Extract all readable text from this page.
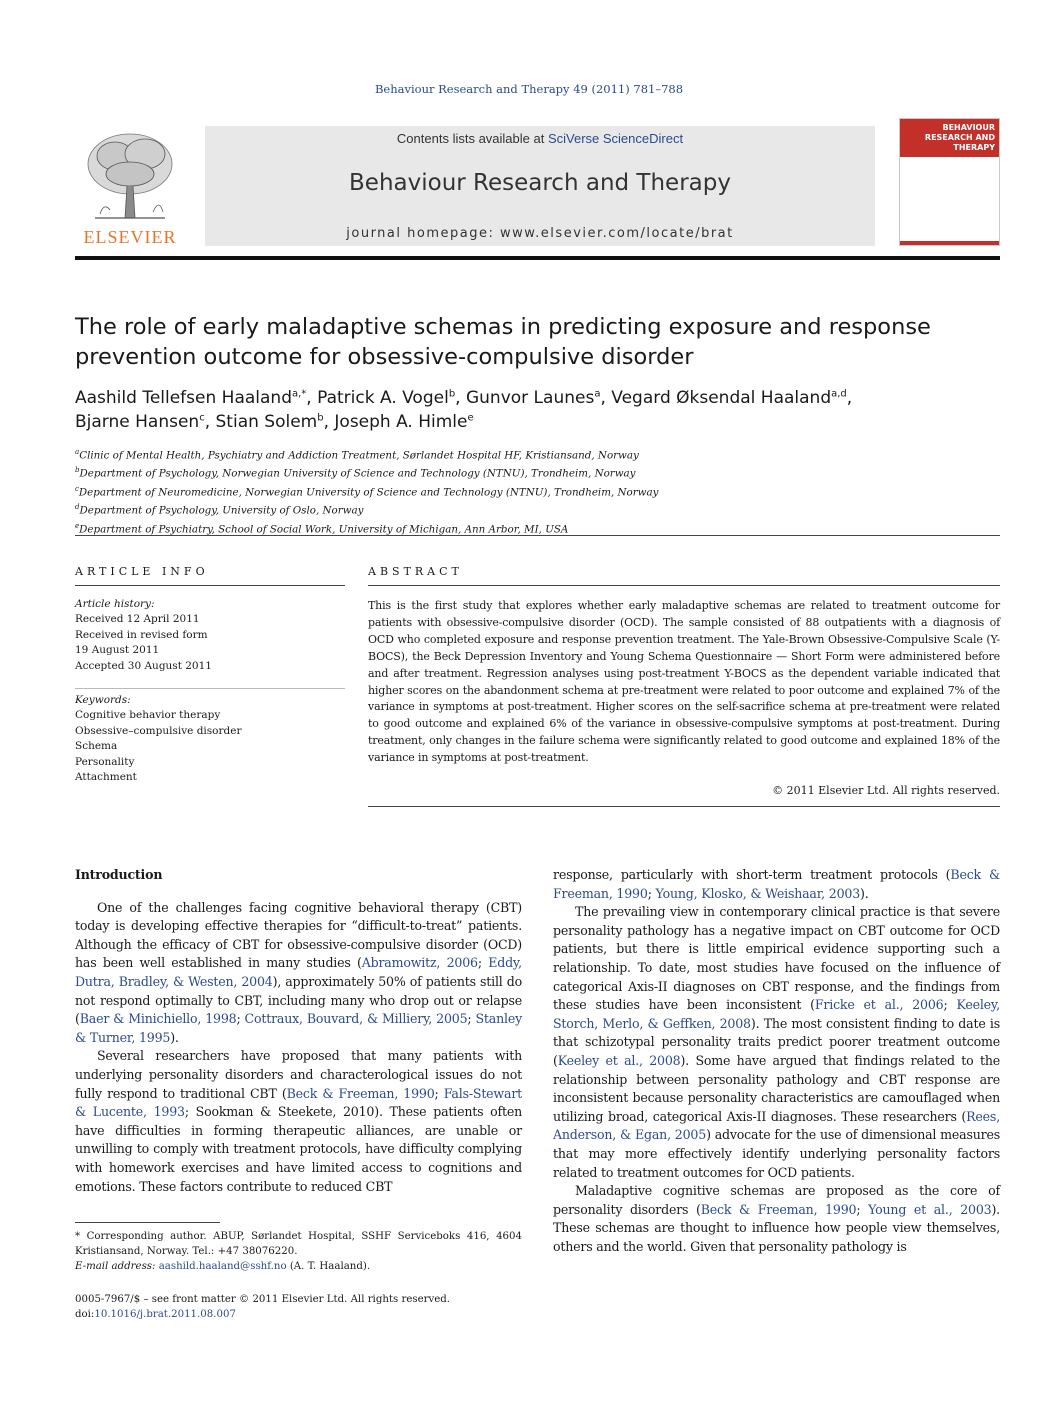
Behaviour Research and Therapy 49 (2011) 781–788
ELSEVIER
Contents lists available at SciVerse ScienceDirect
Behaviour Research and Therapy
journal homepage: www.elsevier.com/locate/brat
BEHAVIOUR
RESEARCH AND
THERAPY
The role of early maladaptive schemas in predicting exposure and response
prevention outcome for obsessive-compulsive disorder
Aashild Tellefsen Haaland$^{a,*}$, Patrick A. Vogel$^b$, Gunvor Launes$^a$, Vegard Øksendal Haaland$^{a,d}$,
Bjarne Hansen$^c$, Stian Solem$^b$, Joseph A. Himle$^e$
$^a$Clinic of Mental Health, Psychiatry and Addiction Treatment, Sørlandet Hospital HF, Kristiansand, Norway
$^b$Department of Psychology, Norwegian University of Science and Technology (NTNU), Trondheim, Norway
$^c$Department of Neuromedicine, Norwegian University of Science and Technology (NTNU), Trondheim, Norway
$^d$Department of Psychology, University of Oslo, Norway
$^e$Department of Psychiatry, School of Social Work, University of Michigan, Ann Arbor, MI, USA
ARTICLE INFO
Article history:
Received 12 April 2011
Received in revised form
19 August 2011
Accepted 30 August 2011
Keywords:
Cognitive behavior therapy
Obsessive–compulsive disorder
Schema
Personality
Attachment
ABSTRACT
This is the first study that explores whether early maladaptive schemas are related to treatment outcome for patients with obsessive-compulsive disorder (OCD). The sample consisted of 88 outpatients with a diagnosis of OCD who completed exposure and response prevention treatment. The Yale-Brown Obsessive-Compulsive Scale (Y-BOCS), the Beck Depression Inventory and Young Schema Questionnaire — Short Form were administered before and after treatment. Regression analyses using post-treatment Y-BOCS as the dependent variable indicated that higher scores on the abandonment schema at pre-treatment were related to poor outcome and explained 7% of the variance in symptoms at post-treatment. Higher scores on the self-sacrifice schema at pre-treatment were related to good outcome and explained 6% of the variance in obsessive-compulsive symptoms at post-treatment. During treatment, only changes in the failure schema were significantly related to good outcome and explained 18% of the variance in symptoms at post-treatment.
© 2011 Elsevier Ltd. All rights reserved.

Introduction

One of the challenges facing cognitive behavioral therapy (CBT) today is developing effective therapies for “difficult-to-treat” patients. Although the efficacy of CBT for obsessive-compulsive disorder (OCD) has been well established in many studies (Abramowitz, 2006; Eddy, Dutra, Bradley, & Westen, 2004), approximately 50% of patients still do not respond optimally to CBT, including many who drop out or relapse (Baer & Minichiello, 1998; Cottraux, Bouvard, & Milliery, 2005; Stanley & Turner, 1995).

Several researchers have proposed that many patients with underlying personality disorders and characterological issues do not fully respond to traditional CBT (Beck & Freeman, 1990; Fals-Stewart & Lucente, 1993; Sookman & Steekete, 2010). These patients often have difficulties in forming therapeutic alliances, are unable or unwilling to comply with treatment protocols, have difficulty complying with homework exercises and have limited access to cognitions and emotions. These factors contribute to reduced CBT

response, particularly with short-term treatment protocols (Beck & Freeman, 1990; Young, Klosko, & Weishaar, 2003).

The prevailing view in contemporary clinical practice is that severe personality pathology has a negative impact on CBT outcome for OCD patients, but there is little empirical evidence supporting such a relationship. To date, most studies have focused on the influence of categorical Axis-II diagnoses on CBT response, and the findings from these studies have been inconsistent (Fricke et al., 2006; Keeley, Storch, Merlo, & Geffken, 2008). The most consistent finding to date is that schizotypal personality traits predict poorer treatment outcome (Keeley et al., 2008). Some have argued that findings related to the relationship between personality pathology and CBT response are inconsistent because personality characteristics are camouflaged when utilizing broad, categorical Axis-II diagnoses. These researchers (Rees, Anderson, & Egan, 2005) advocate for the use of dimensional measures that may more effectively identify underlying personality factors related to treatment outcomes for OCD patients.

Maladaptive cognitive schemas are proposed as the core of personality disorders (Beck & Freeman, 1990; Young et al., 2003). These schemas are thought to influence how people view themselves, others and the world. Given that personality pathology is

* Corresponding author. ABUP, Sørlandet Hospital, SSHF Serviceboks 416, 4604 Kristiansand, Norway. Tel.: +47 38076220.
E-mail address: aashild.haaland@sshf.no (A. T. Haaland).
0005-7967/$ – see front matter © 2011 Elsevier Ltd. All rights reserved.
doi:10.1016/j.brat.2011.08.007
